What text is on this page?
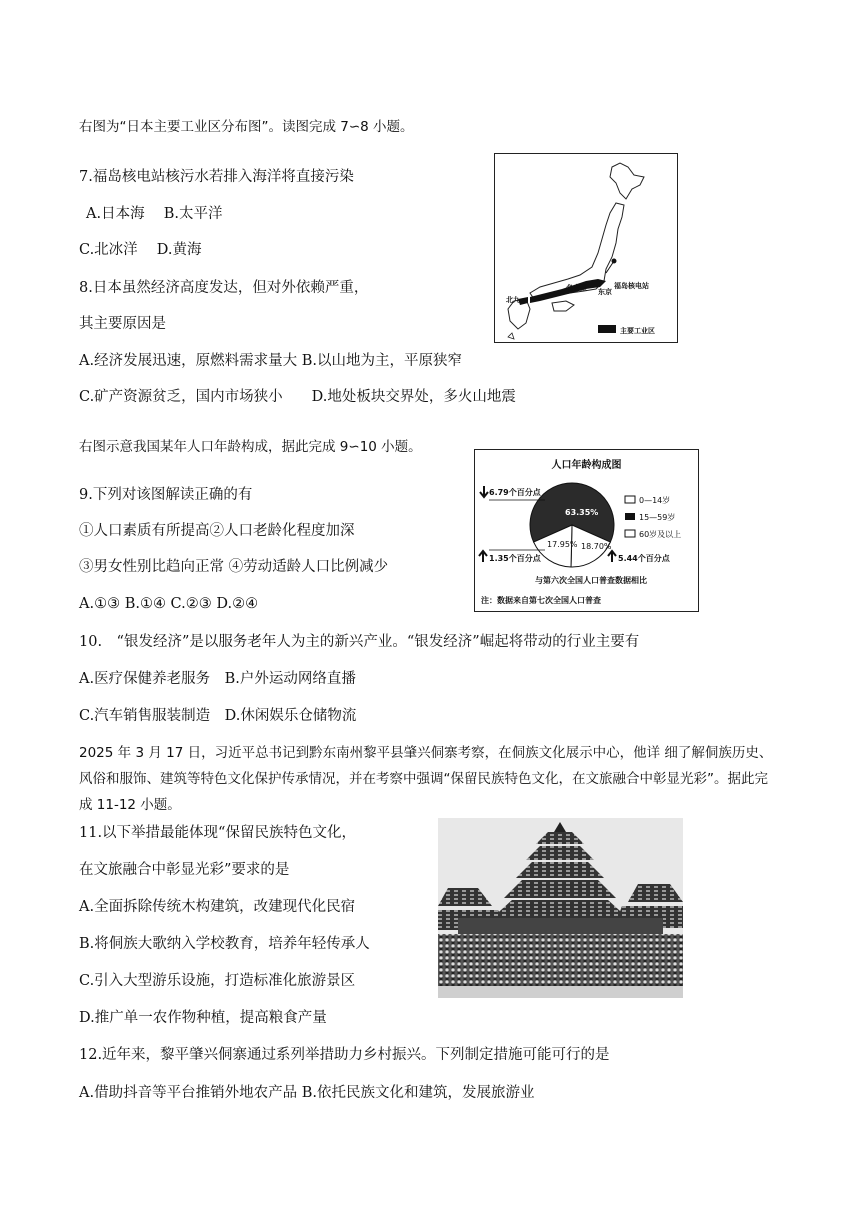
右图为“日本主要工业区分布图”。读图完成 7∽8 小题。
7.福岛核电站核污水若排入海洋将直接污染
A.日本海　 B.太平洋
C.北冰洋　 D.黄海
8.日本虽然经济高度发达，但对外依赖严重，
其主要原因是
A.经济发展迅速，原燃料需求量大 B.以山地为主，平原狭窄
C.矿产资源贫乏，国内市场狭小　　D.地处板块交界处，多火山地震
福岛核电站
名古屋 东京
北九
主要工业区
右图示意我国某年人口年龄构成，据此完成 9∽10 小题。
9.下列对该图解读正确的有
①人口素质有所提高②人口老龄化程度加深
③男女性别比趋向正常 ④劳动适龄人口比例减少
A.①③ B.①④ C.②③ D.②④
人口年龄构成图
6.79个百分点
1.35个百分点	5.44个百分点
63.35%
17.95% 18.70%
0—14岁
15—59岁
60岁及以上
与第六次全国人口普查数据相比
注：数据来自第七次全国人口普查
10.　“银发经济”是以服务老年人为主的新兴产业。“银发经济”崛起将带动的行业主要有
A.医疗保健养老服务　B.户外运动网络直播
C.汽车销售服装制造　D.休闲娱乐仓储物流
2025 年 3 月 17 日，习近平总书记到黔东南州黎平县肇兴侗寨考察，在侗族文化展示中心，他详 细了解侗族历史、风俗和服饰、建筑等特色文化保护传承情况，并在考察中强调“保留民族特色文化，在文旅融合中彰显光彩”。据此完成 11-12 小题。
11.以下举措最能体现“保留民族特色文化，
在文旅融合中彰显光彩”要求的是
A.全面拆除传统木构建筑，改建现代化民宿
B.将侗族大歌纳入学校教育，培养年轻传承人
C.引入大型游乐设施，打造标准化旅游景区
D.推广单一农作物种植，提高粮食产量
12.近年来，黎平肇兴侗寨通过系列举措助力乡村振兴。下列制定措施可能可行的是
A.借助抖音等平台推销外地农产品 B.依托民族文化和建筑，发展旅游业
